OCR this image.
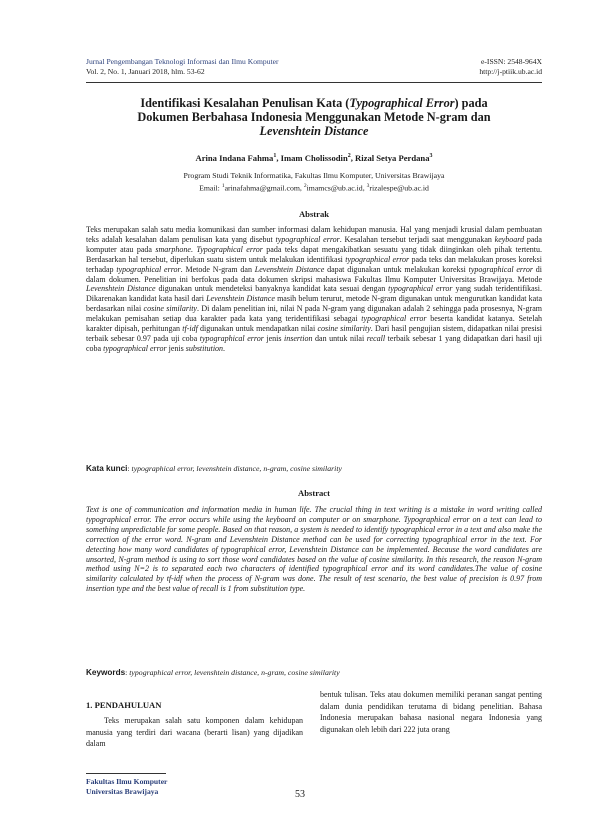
Jurnal Pengembangan Teknologi Informasi dan Ilmu Komputer
Vol. 2, No. 1, Januari 2018, hlm. 53-62
e-ISSN: 2548-964X
http://j-ptiik.ub.ac.id
Identifikasi Kesalahan Penulisan Kata (Typographical Error) pada
Dokumen Berbahasa Indonesia Menggunakan Metode N-gram dan
Levenshtein Distance
Arina Indana Fahma$^1$, Imam Cholissodin$^2$, Rizal Setya Perdana$^3$
Program Studi Teknik Informatika, Fakultas Ilmu Komputer, Universitas Brawijaya
Email: $^1$arinafahma@gmail.com, $^2$imamcs@ub.ac.id, $^3$rizalespe@ub.ac.id
Abstrak
Teks merupakan salah satu media komunikasi dan sumber informasi dalam kehidupan manusia. Hal yang menjadi krusial dalam pembuatan teks adalah kesalahan dalam penulisan kata yang disebut typographical error. Kesalahan tersebut terjadi saat menggunakan keyboard pada komputer atau pada smarphone. Typographical error pada teks dapat mengakibatkan sesuatu yang tidak diinginkan oleh pihak tertentu. Berdasarkan hal tersebut, diperlukan suatu sistem untuk melakukan identifikasi typographical error pada teks dan melakukan proses koreksi terhadap typographical error. Metode N-gram dan Levenshtein Distance dapat digunakan untuk melakukan koreksi typographical error di dalam dokumen. Penelitian ini berfokus pada data dokumen skripsi mahasiswa Fakultas Ilmu Komputer Universitas Brawijaya. Metode Levenshtein Distance digunakan untuk mendeteksi banyaknya kandidat kata sesuai dengan typographical error yang sudah teridentifikasi. Dikarenakan kandidat kata hasil dari Levenshtein Distance masih belum terurut, metode N-gram digunakan untuk mengurutkan kandidat kata berdasarkan nilai cosine similarity. Di dalam penelitian ini, nilai N pada N-gram yang digunakan adalah 2 sehingga pada prosesnya, N-gram melakukan pemisahan setiap dua karakter pada kata yang teridentifikasi sebagai typographical error beserta kandidat katanya. Setelah karakter dipisah, perhitungan tf-idf digunakan untuk mendapatkan nilai cosine similarity. Dari hasil pengujian sistem, didapatkan nilai presisi terbaik sebesar 0.97 pada uji coba typographical error jenis insertion dan untuk nilai recall terbaik sebesar 1 yang didapatkan dari hasil uji coba typographical error jenis substitution.
Kata kunci: typographical error, levenshtein distance, n-gram, cosine similarity
Abstract
Text is one of communication and information media in human life. The crucial thing in text writing is a mistake in word writing called typographical error. The error occurs while using the keyboard on computer or on smarphone. Typographical error on a text can lead to something unpredictable for some people. Based on that reason, a system is needed to identify typographical error in a text and also make the correction of the error word. N-gram and Levenshtein Distance method can be used for correcting typographical error in the text. For detecting how many word candidates of typographical error, Levenshtein Distance can be implemented. Because the word candidates are unsorted, N-gram method is using to sort those word candidates based on the value of cosine similarity. In this research, the reason N-gram method using N=2 is to separated each two characters of identified typographical error and its word candidates.The value of cosine similarity calculated by tf-idf when the process of N-gram was done. The result of test scenario, the best value of precision is 0.97 from insertion type and the best value of recall is 1 from substitution type.
Keywords: typographical error, levenshtein distance, n-gram, cosine similarity
1. PENDAHULUAN
Teks merupakan salah satu komponen dalam kehidupan manusia yang terdiri dari wacana (berarti lisan) yang dijadikan dalam
bentuk tulisan. Teks atau dokumen memiliki peranan sangat penting dalam dunia pendidikan terutama di bidang penelitian. Bahasa Indonesia merupakan bahasa nasional negara Indonesia yang digunakan oleh lebih dari 222 juta orang
Fakultas Ilmu Komputer
Universitas Brawijaya	53
